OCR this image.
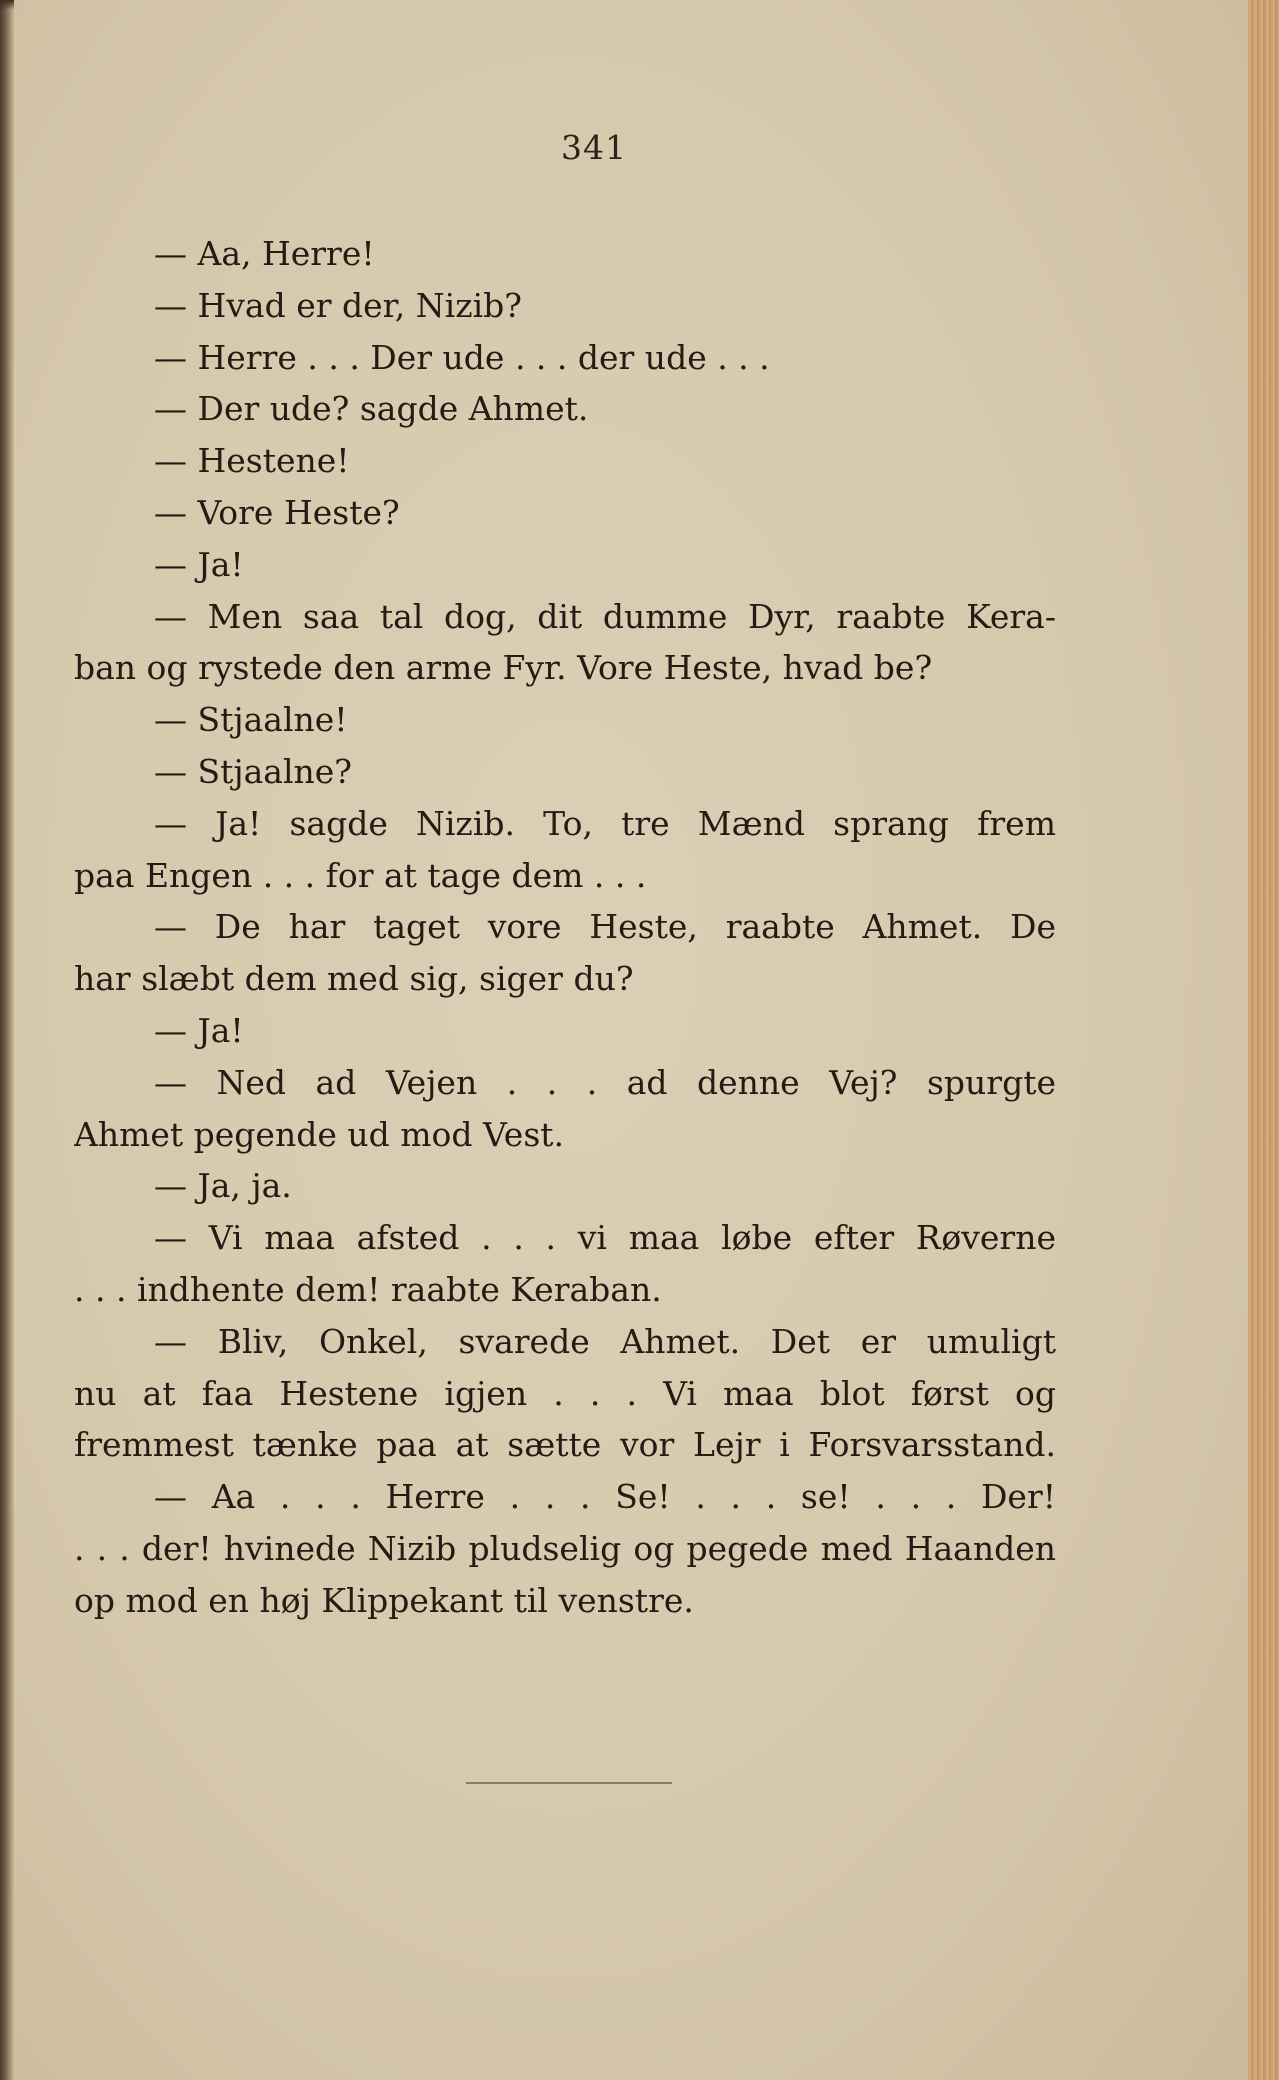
341
— Aa, Herre!
— Hvad er der, Nizib?
— Herre . . . Der ude . . . der ude . . .
— Der ude? sagde Ahmet.
— Hestene!
— Vore Heste?
— Ja!
— Men saa tal dog, dit dumme Dyr, raabte Kera-
ban og rystede den arme Fyr. Vore Heste, hvad be?
— Stjaalne!
— Stjaalne?
— Ja! sagde Nizib. To, tre Mænd sprang frem
paa Engen . . . for at tage dem . . .
— De har taget vore Heste, raabte Ahmet. De
har slæbt dem med sig, siger du?
— Ja!
— Ned ad Vejen . . . ad denne Vej? spurgte
Ahmet pegende ud mod Vest.
— Ja, ja.
— Vi maa afsted . . . vi maa løbe efter Røverne
. . . indhente dem! raabte Keraban.
— Bliv, Onkel, svarede Ahmet. Det er umuligt
nu at faa Hestene igjen . . . Vi maa blot først og
fremmest tænke paa at sætte vor Lejr i Forsvarsstand.
— Aa . . . Herre . . . Se! . . . se! . . . Der!
. . . der! hvinede Nizib pludselig og pegede med Haanden
op mod en høj Klippekant til venstre.
